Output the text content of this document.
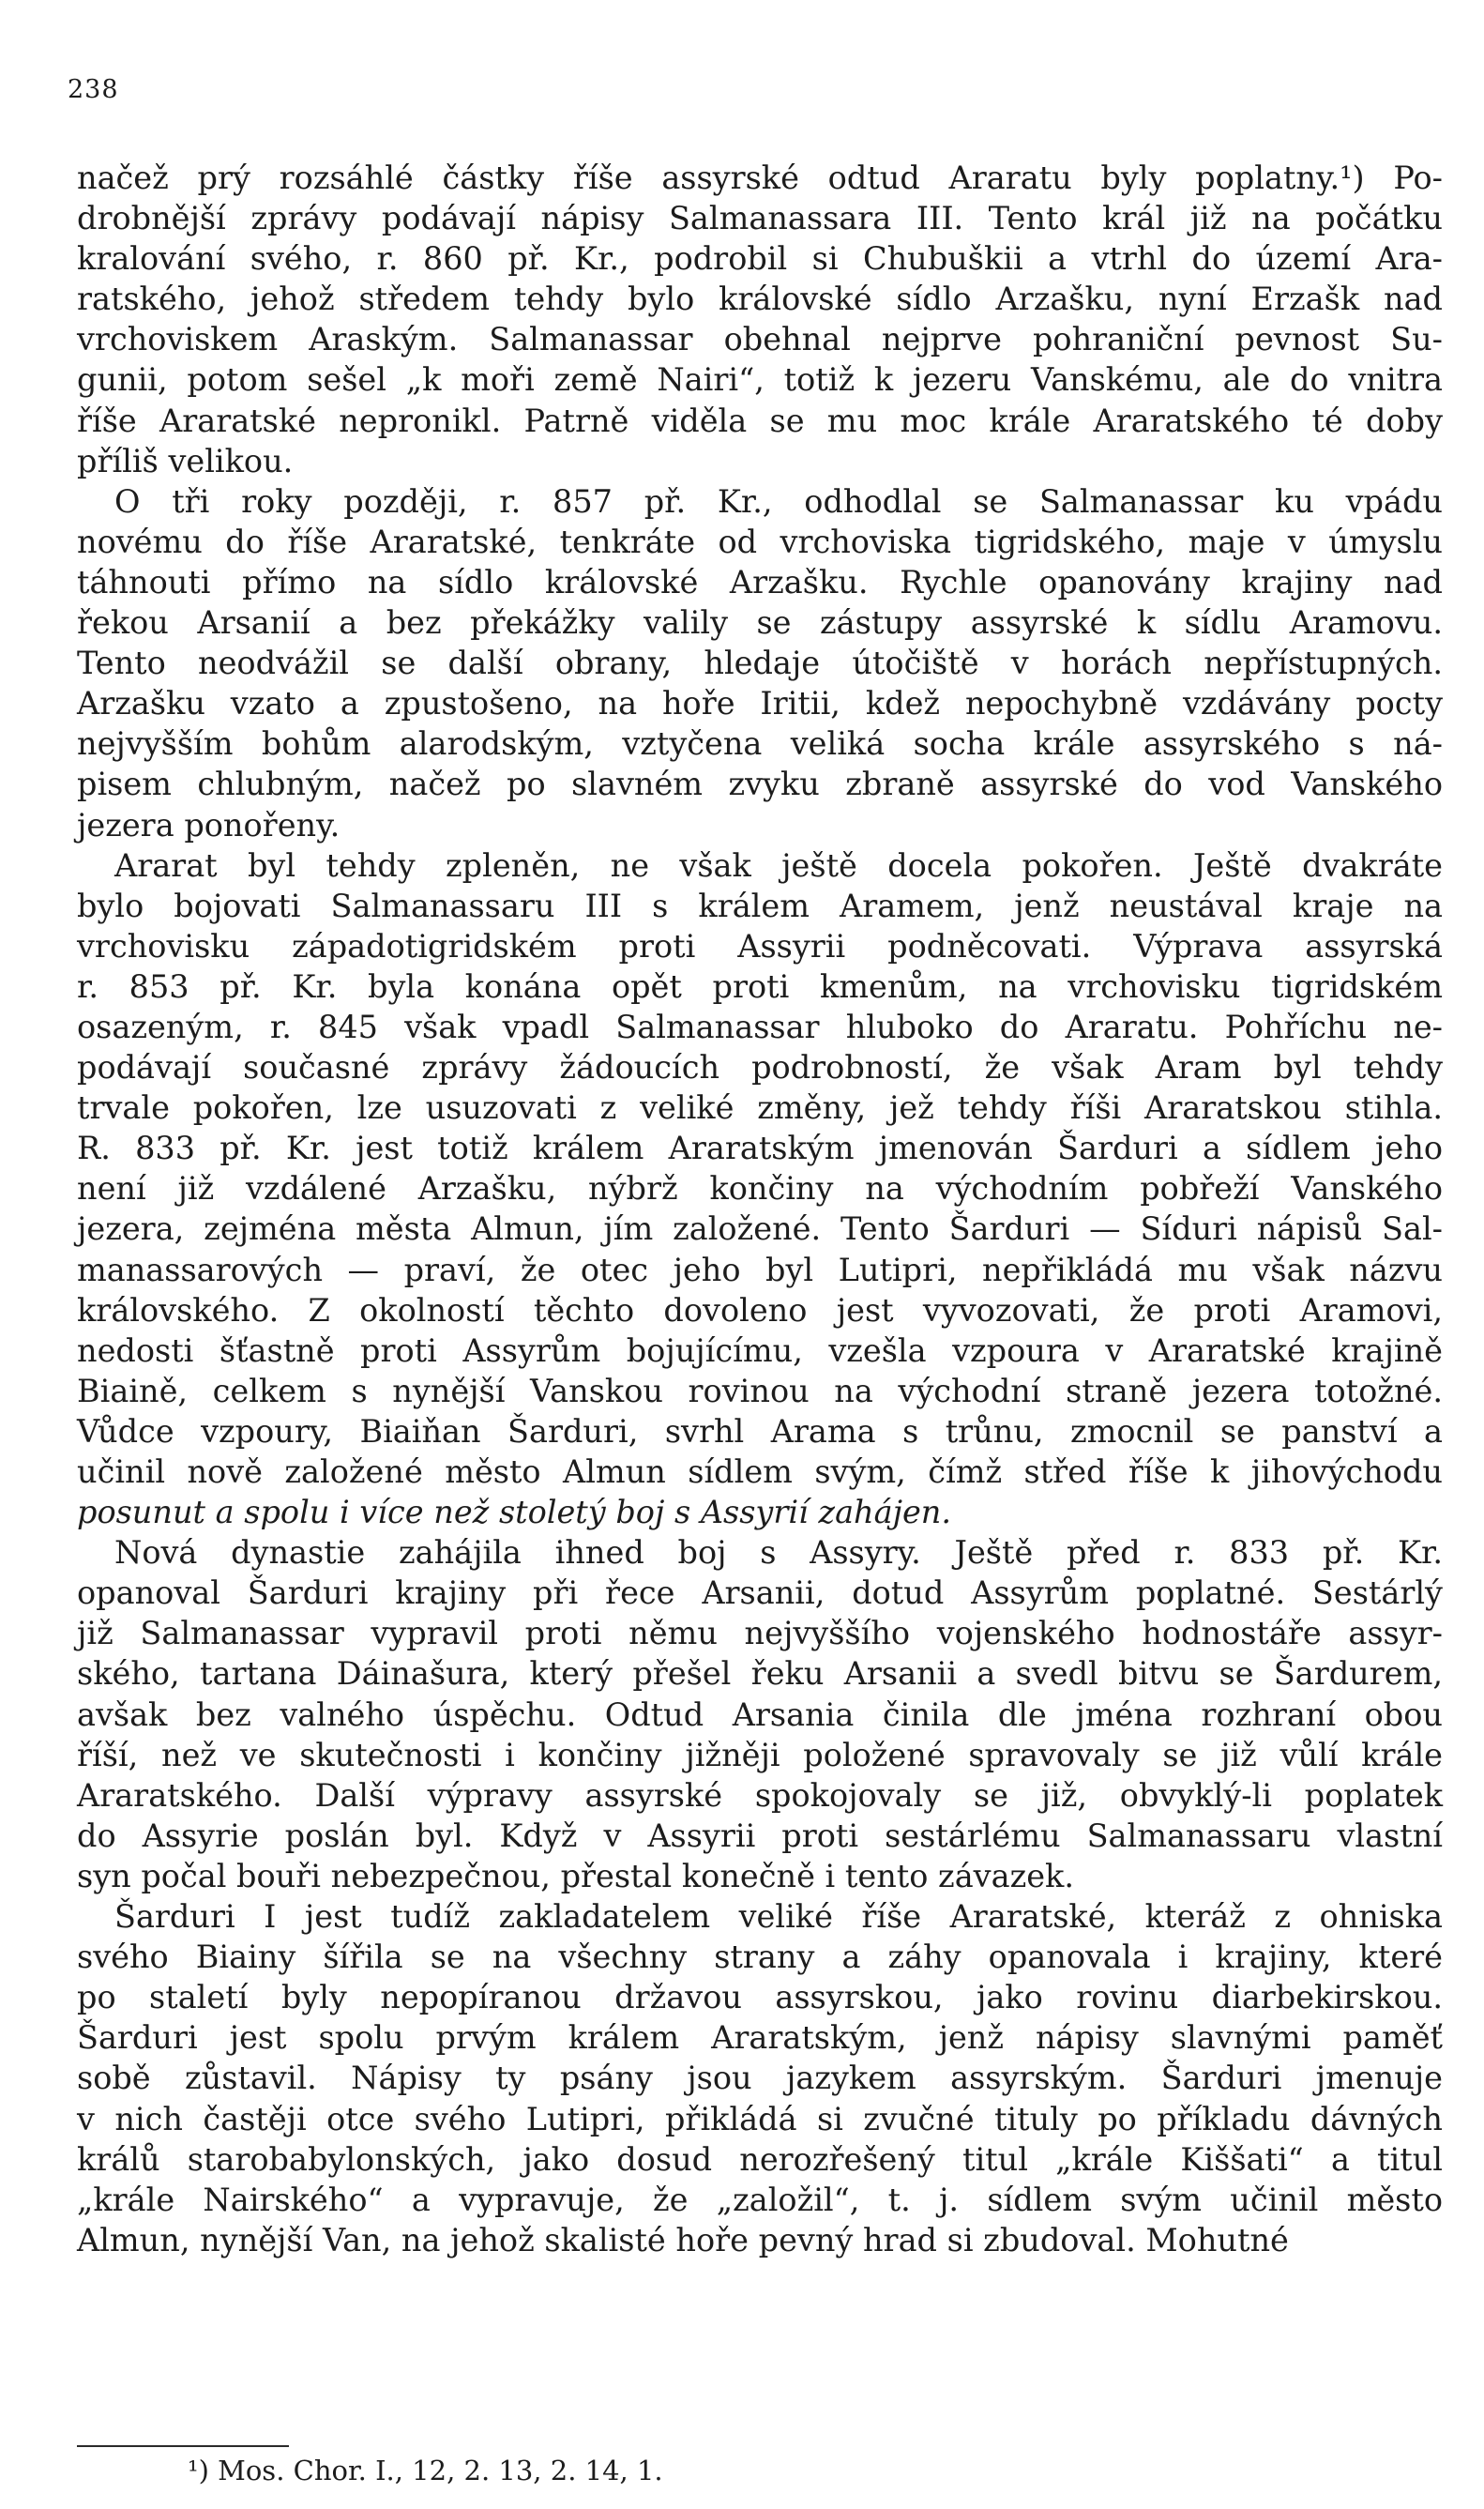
238
načež prý rozsáhlé částky říše assyrské odtud Araratu byly poplatny.¹) Po-
drobnější zprávy podávají nápisy Salmanassara III. Tento král již na počátku
kralování svého, r. 860 př. Kr., podrobil si Chubuškii a vtrhl do území Ara-
ratského, jehož středem tehdy bylo královské sídlo Arzašku, nyní Erzašk nad
vrchoviskem Araským. Salmanassar obehnal nejprve pohraniční pevnost Su-
gunii, potom sešel „k moři země Nairi“, totiž k jezeru Vanskému, ale do vnitra
říše Araratské nepronikl. Patrně viděla se mu moc krále Araratského té doby
příliš velikou.
O tři roky později, r. 857 př. Kr., odhodlal se Salmanassar ku vpádu
novému do říše Araratské, tenkráte od vrchoviska tigridského, maje v úmyslu
táhnouti přímo na sídlo královské Arzašku. Rychle opanovány krajiny nad
řekou Arsanií a bez překážky valily se zástupy assyrské k sídlu Aramovu.
Tento neodvážil se další obrany, hledaje útočiště v horách nepřístupných.
Arzašku vzato a zpustošeno, na hoře Iritii, kdež nepochybně vzdávány pocty
nejvyšším bohům alarodským, vztyčena veliká socha krále assyrského s ná-
pisem chlubným, načež po slavném zvyku zbraně assyrské do vod Vanského
jezera ponořeny.
Ararat byl tehdy zpleněn, ne však ještě docela pokořen. Ještě dvakráte
bylo bojovati Salmanassaru III s králem Aramem, jenž neustával kraje na
vrchovisku západotigridském proti Assyrii podněcovati. Výprava assyrská
r. 853 př. Kr. byla konána opět proti kmenům, na vrchovisku tigridském
osazeným, r. 845 však vpadl Salmanassar hluboko do Araratu. Pohříchu ne-
podávají současné zprávy žádoucích podrobností, že však Aram byl tehdy
trvale pokořen, lze usuzovati z veliké změny, jež tehdy říši Araratskou stihla.
R. 833 př. Kr. jest totiž králem Araratským jmenován Šarduri a sídlem jeho
není již vzdálené Arzašku, nýbrž končiny na východním pobřeží Vanského
jezera, zejména města Almun, jím založené. Tento Šarduri — Síduri nápisů Sal-
manassarových — praví, že otec jeho byl Lutipri, nepřikládá mu však názvu
královského. Z okolností těchto dovoleno jest vyvozovati, že proti Aramovi,
nedosti šťastně proti Assyrům bojujícímu, vzešla vzpoura v Araratské krajině
Biaině, celkem s nynější Vanskou rovinou na východní straně jezera totožné.
Vůdce vzpoury, Biaiňan Šarduri, svrhl Arama s trůnu, zmocnil se panství a
učinil nově založené město Almun sídlem svým, čímž střed říše k jihovýchodu
posunut a spolu i více než stoletý boj s Assyrií zahájen.
Nová dynastie zahájila ihned boj s Assyry. Ještě před r. 833 př. Kr.
opanoval Šarduri krajiny při řece Arsanii, dotud Assyrům poplatné. Sestárlý
již Salmanassar vypravil proti němu nejvyššího vojenského hodnostáře assyr-
ského, tartana Dáinašura, který přešel řeku Arsanii a svedl bitvu se Šardurem,
avšak bez valného úspěchu. Odtud Arsania činila dle jména rozhraní obou
říší, než ve skutečnosti i končiny jižněji položené spravovaly se již vůlí krále
Araratského. Další výpravy assyrské spokojovaly se již, obvyklý-li poplatek
do Assyrie poslán byl. Když v Assyrii proti sestárlému Salmanassaru vlastní
syn počal bouři nebezpečnou, přestal konečně i tento závazek.
Šarduri I jest tudíž zakladatelem veliké říše Araratské, kteráž z ohniska
svého Biainy šířila se na všechny strany a záhy opanovala i krajiny, které
po staletí byly nepopíranou državou assyrskou, jako rovinu diarbekirskou.
Šarduri jest spolu prvým králem Araratským, jenž nápisy slavnými paměť
sobě zůstavil. Nápisy ty psány jsou jazykem assyrským. Šarduri jmenuje
v nich častěji otce svého Lutipri, přikládá si zvučné tituly po příkladu dávných
králů starobabylonských, jako dosud nerozřešený titul „krále Kiššati“ a titul
„krále Nairského“ a vypravuje, že „založil“, t. j. sídlem svým učinil město
Almun, nynější Van, na jehož skalisté hoře pevný hrad si zbudoval. Mohutné
¹) Mos. Chor. I., 12, 2. 13, 2. 14, 1.
